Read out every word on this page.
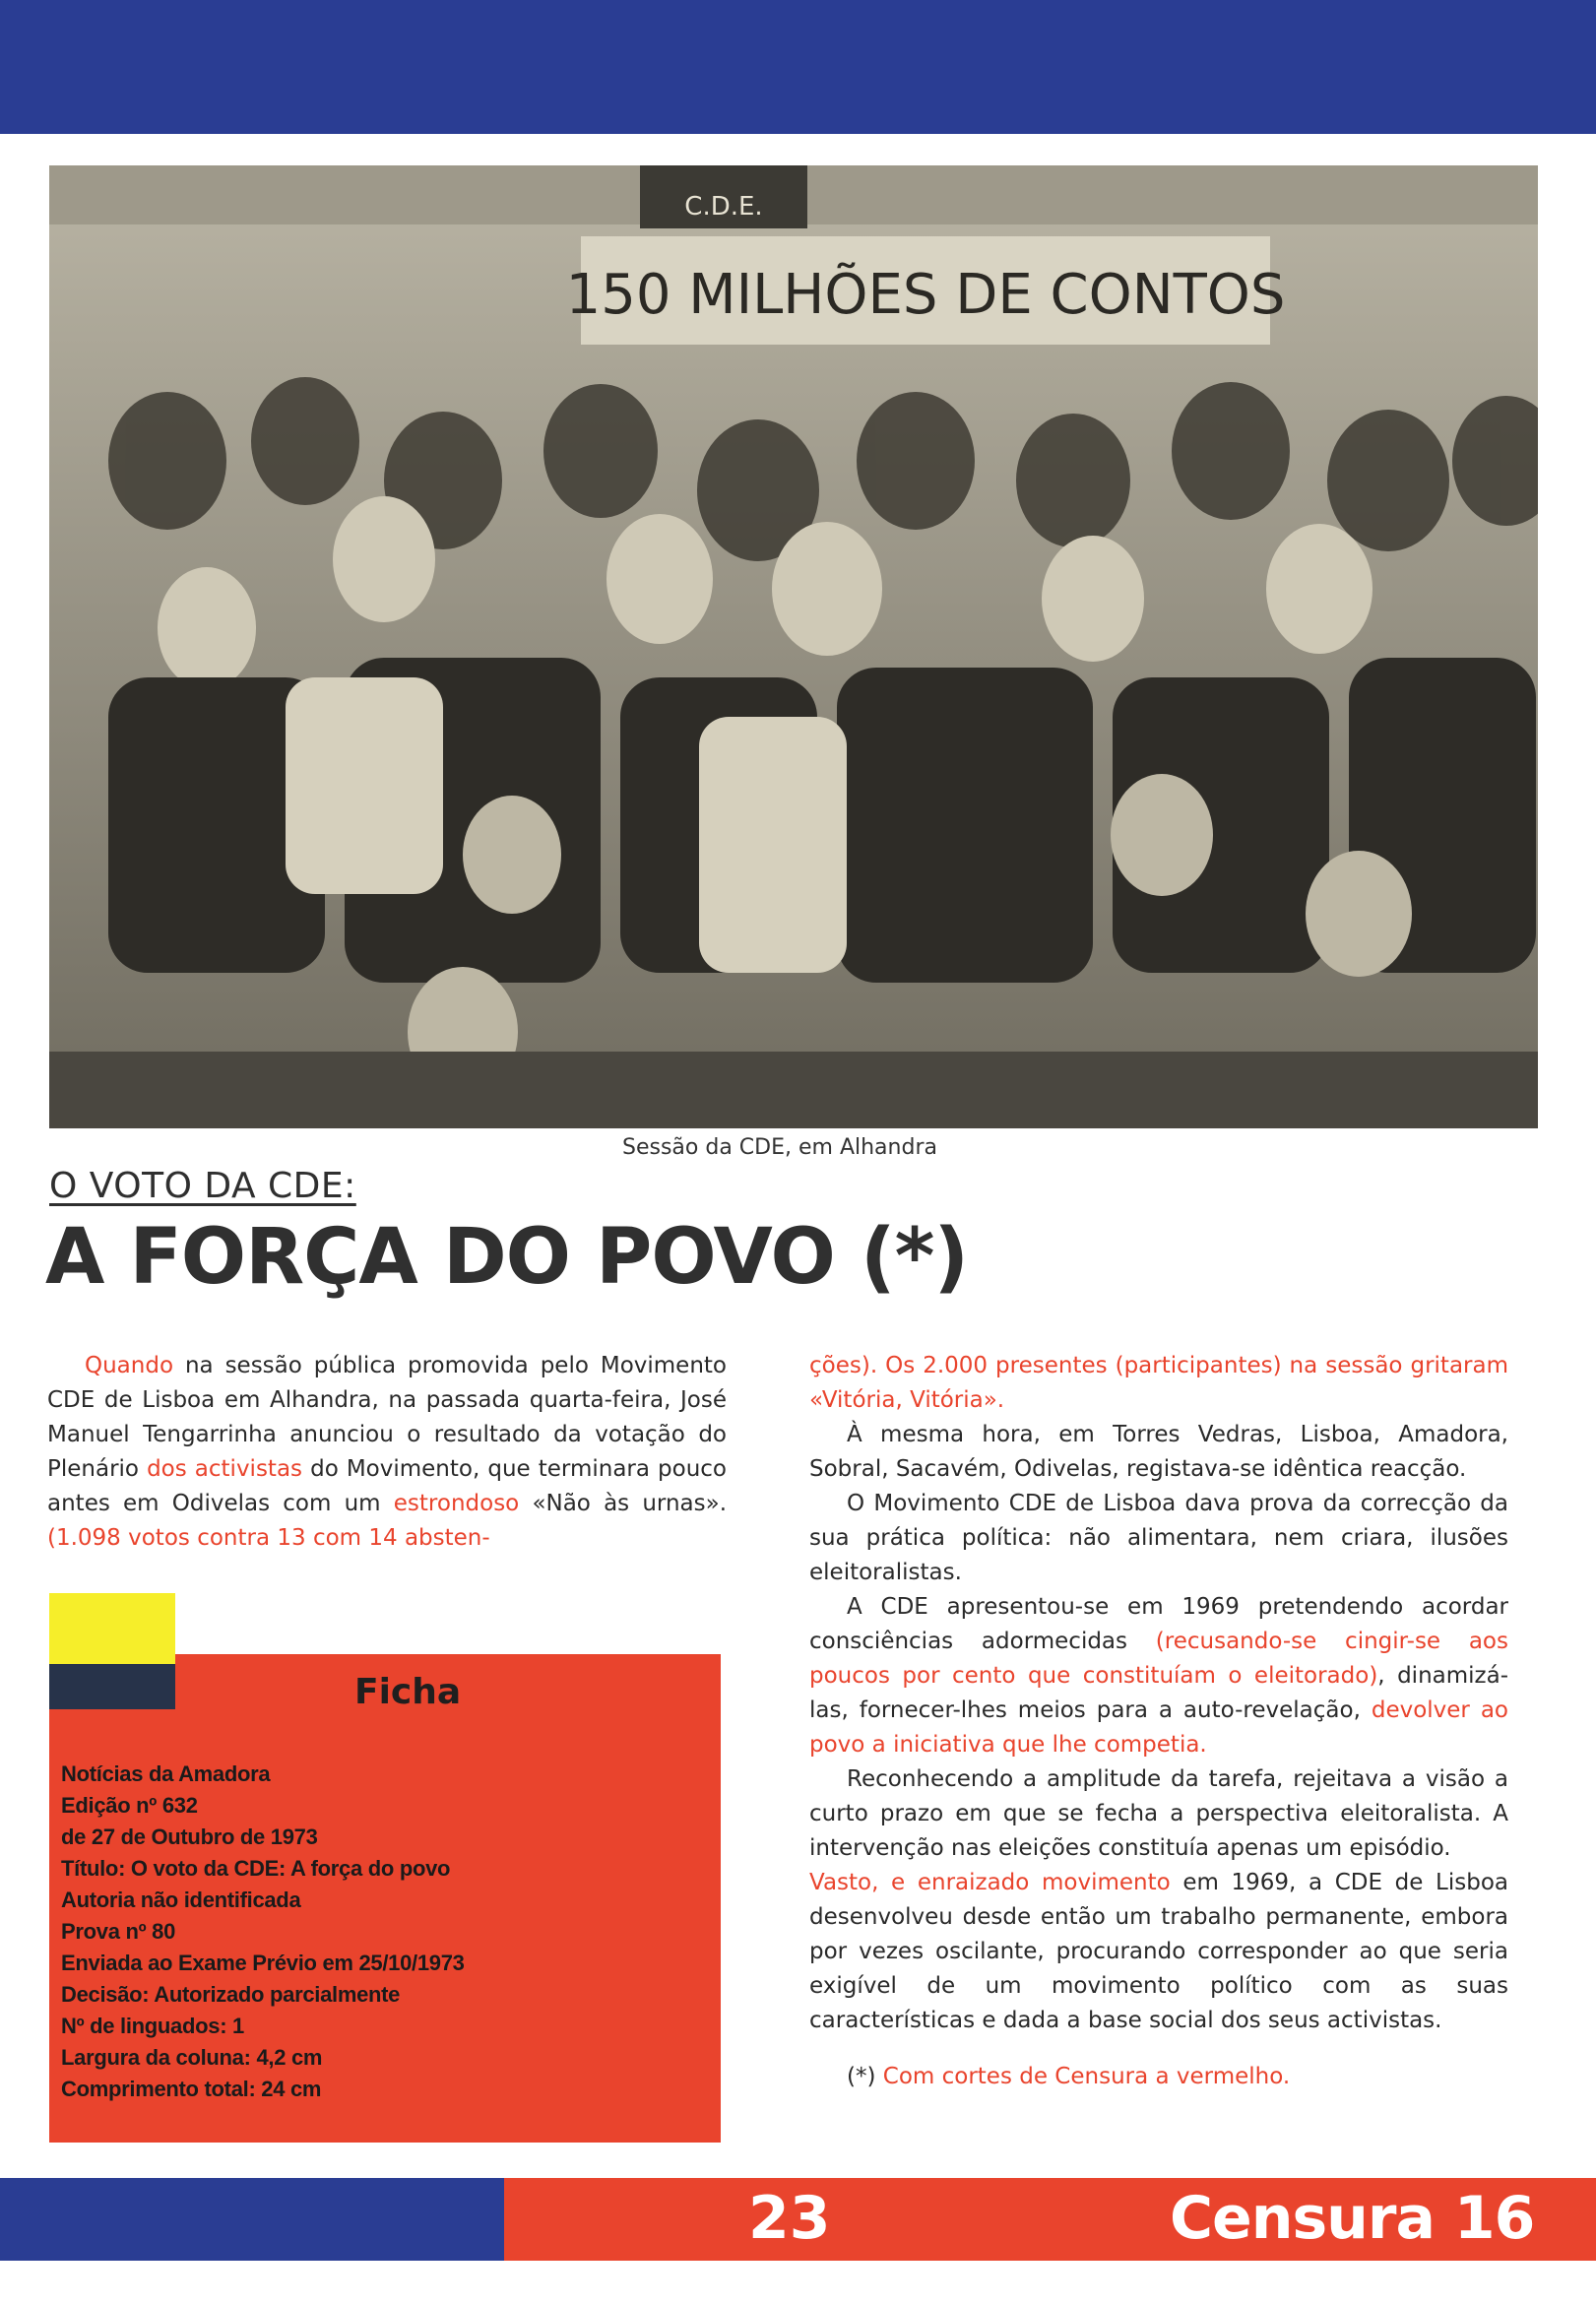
C.D.E.
150 MILHÕES DE CONTOS
Sessão da CDE, em Alhandra
O VOTO DA CDE:
A FORÇA DO POVO (*)

Quando na sessão pública promovida pelo Movimento CDE de Lisboa em Alhandra, na passada quarta-feira, José Manuel Tengarrinha anunciou o resultado da votação do Plenário dos activistas do Movimento, que terminara pouco antes em Odivelas com um estrondoso «Não às urnas». (1.098 votos contra 13 com 14 absten-

Ficha
Notícias da Amadora
Edição nº 632
de 27 de Outubro de 1973
Título: O voto da CDE: A força do povo
Autoria não identificada
Prova nº 80
Enviada ao Exame Prévio em 25/10/1973
Decisão: Autorizado parcialmente
Nº de linguados: 1
Largura da coluna: 4,2 cm
Comprimento total: 24 cm

ções). Os 2.000 presentes (participantes) na sessão gritaram «Vitória, Vitória».

À mesma hora, em Torres Vedras, Lisboa, Amadora, Sobral, Sacavém, Odivelas, registava-se idêntica reacção.

O Movimento CDE de Lisboa dava prova da correcção da sua prática política: não alimentara, nem criara, ilusões eleitoralistas.

A CDE apresentou-se em 1969 pretendendo acordar consciências adormecidas (recusando-se cingir-se aos poucos por cento que constituíam o eleitorado), dinamizá-las, fornecer-lhes meios para a auto-revelação, devolver ao povo a iniciativa que lhe competia.

Reconhecendo a amplitude da tarefa, rejeitava a visão a curto prazo em que se fecha a perspectiva eleitoralista. A intervenção nas eleições constituía apenas um episódio.

Vasto, e enraizado movimento em 1969, a CDE de Lisboa desenvolveu desde então um trabalho permanente, embora por vezes oscilante, procurando corresponder ao que seria exigível de um movimento político com as suas características e dada a base social dos seus activistas.

(*) Com cortes de Censura a vermelho.

23	Censura 16
